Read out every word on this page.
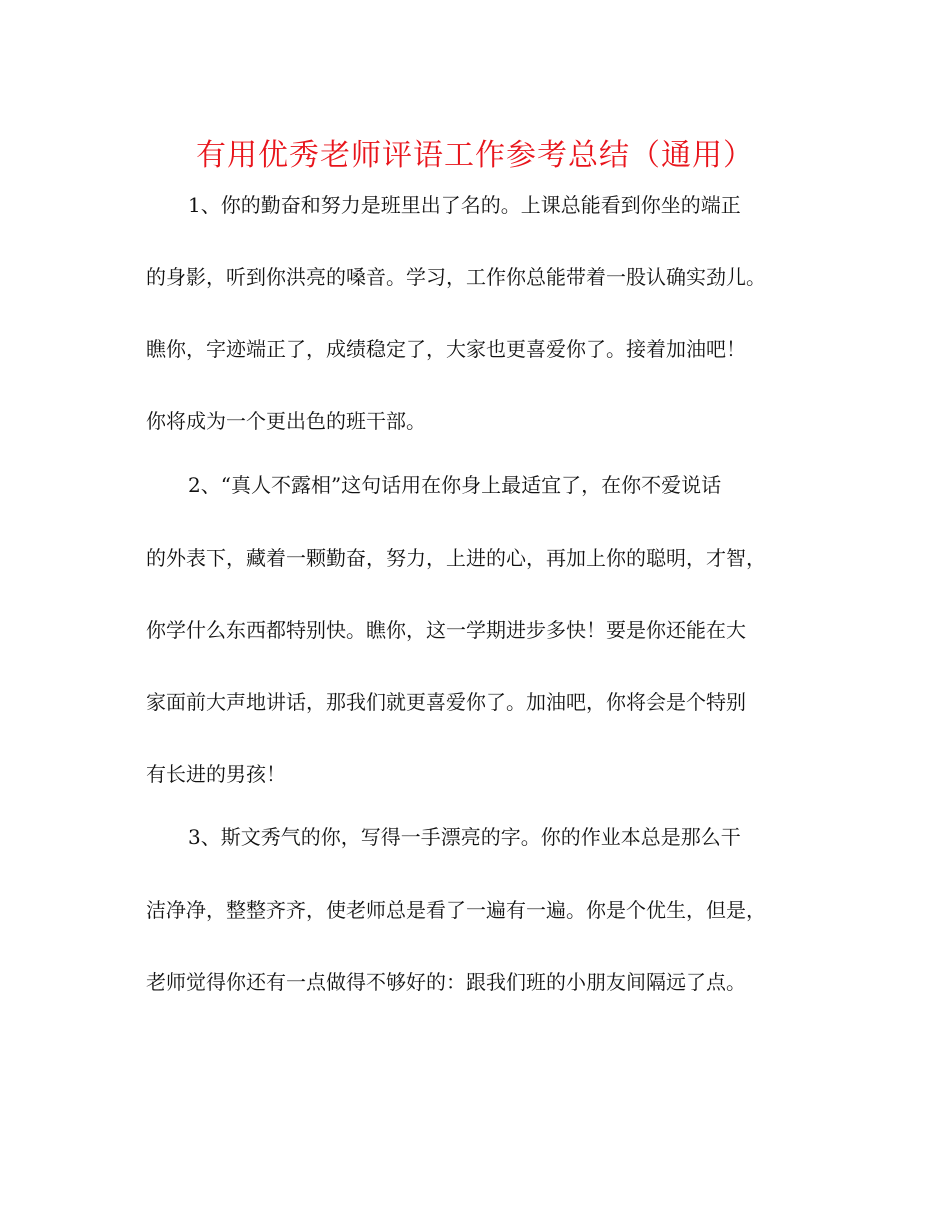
有用优秀老师评语工作参考总结（通用）

1、你的勤奋和努力是班里出了名的。上课总能看到你坐的端正

的身影，听到你洪亮的嗓音。学习，工作你总能带着一股认确实劲儿。

瞧你，字迹端正了，成绩稳定了，大家也更喜爱你了。接着加油吧！

你将成为一个更出色的班干部。

2、“真人不露相”这句话用在你身上最适宜了，在你不爱说话

的外表下，藏着一颗勤奋，努力，上进的心，再加上你的聪明，才智，

你学什么东西都特别快。瞧你，这一学期进步多快！要是你还能在大

家面前大声地讲话，那我们就更喜爱你了。加油吧，你将会是个特别

有长进的男孩！

3、斯文秀气的你，写得一手漂亮的字。你的作业本总是那么干

洁净净，整整齐齐，使老师总是看了一遍有一遍。你是个优生，但是，

老师觉得你还有一点做得不够好的：跟我们班的小朋友间隔远了点。
